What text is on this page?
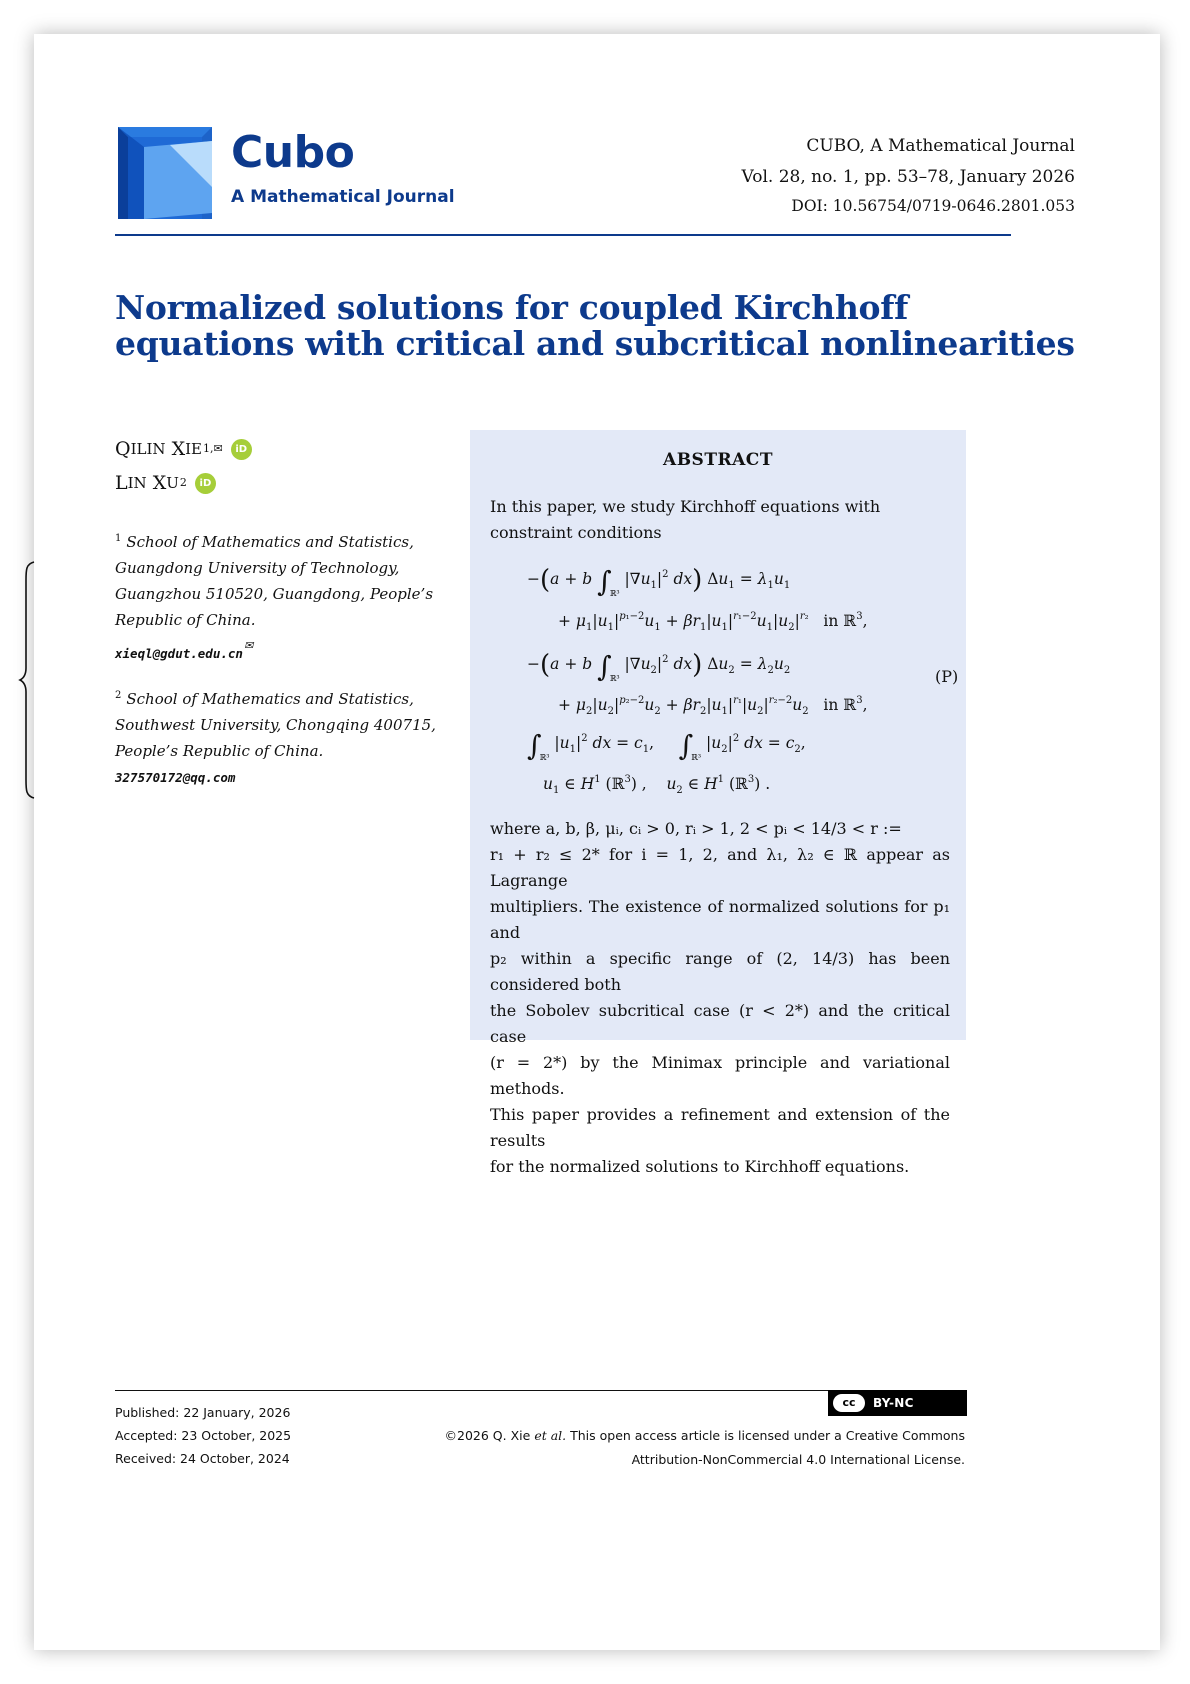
Cubo
A Mathematical Journal
CUBO, A Mathematical Journal
Vol. 28, no. 1, pp. 53–78, January 2026
DOI: 10.56754/0719-0646.2801.053
Normalized solutions for coupled Kirchhoff
equations with critical and subcritical nonlinearities
Q ILIN
X IE 1,✉	iD
L IN
X U 2	iD
$^1$ School of Mathematics and Statistics,
Guangdong University of Technology,
Guangzhou 510520, Guangdong, People’s
Republic of China.
xieql@gdut.edu.cn✉
$^2$ School of Mathematics and Statistics,
Southwest University, Chongqing 400715,
People’s Republic of China.
327570172@qq.com
ABSTRACT
In this paper, we study Kirchhoff equations with constraint conditions
where a, b, β, μᵢ, cᵢ > 0, rᵢ > 1, 2 < pᵢ < 14/3 < r :=
r₁ + r₂ ≤ 2* for i = 1, 2, and λ₁, λ₂ ∈ ℝ appear as Lagrange
multipliers. The existence of normalized solutions for p₁ and
p₂ within a specific range of (2, 14/3) has been considered both
the Sobolev subcritical case (r < 2*) and the critical case
(r = 2*) by the Minimax principle and variational methods.
This paper provides a refinement and extension of the results
for the normalized solutions to Kirchhoff equations.
−(a + b $\int_{ℝ^3}$ $|\nabla u_1|^2$ dx) $\Delta u_1 = \lambda_1u_1$
+ $\mu_1|u_1|^{p_1-2}u_1 + \beta r_1|u_1|^{r_1-2}u_1|u_2|^{r_2}$   in ℝ$^3$,
−(a + b $\int_{ℝ^3}$ $|\nabla u_2|^2$ dx) $\Delta u_2 = \lambda_2u_2$
+ $\mu_2|u_2|^{p_2-2}u_2 + \beta r_2|u_1|^{r_1}|u_2|^{r_2-2}u_2$   in ℝ$^3$,
$\int_{ℝ^3}$ $|u_1|^2$ dx = $c_1$,     $\int_{ℝ^3}$ $|u_2|^2$ dx = $c_2$,
$u_1$ ∈ $H^1$ (ℝ$^3$) ,    $u_2$ ∈ $H^1$ (ℝ$^3$) .
(P)
Published: 22 January, 2026
Accepted: 23 October, 2025
Received: 24 October, 2024
cc	BY-NC
©2026 Q. Xie et al. This open access article is licensed under a Creative Commons
Attribution-NonCommercial 4.0 International License.
